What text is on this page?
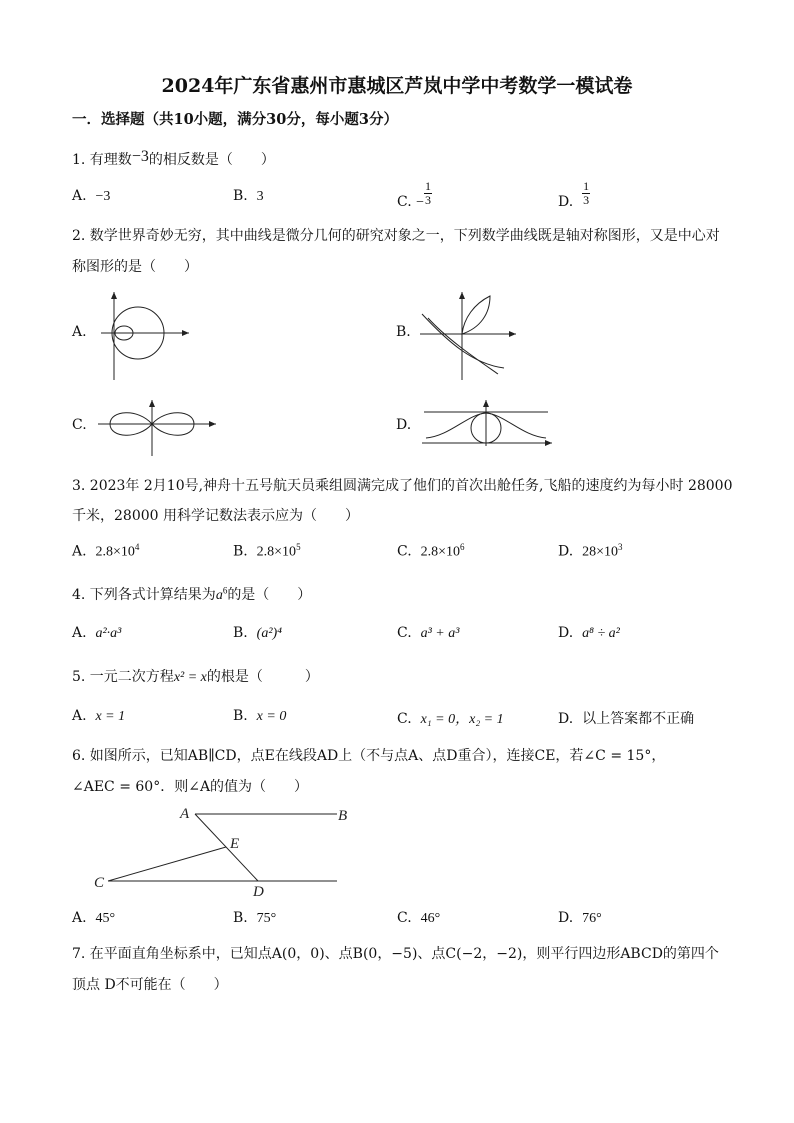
2024年广东省惠州市惠城区芦岚中学中考数学一模试卷
一．选择题（共10小题，满分30分，每小题3分）
1. 有理数−3的相反数是（　　）
A. −3	B. 3	C. − $\frac{1}{3}$	D. $\frac{1}{3}$
2. 数学世界奇妙无穷，其中曲线是微分几何的研究对象之一，下列数学曲线既是轴对称图形，又是中心对
称图形的是（　　）
A.	B.
C.	D.
3. 2023年 2月10号,神舟十五号航天员乘组圆满完成了他们的首次出舱任务,飞船的速度约为每小时 28000
千米，28000 用科学记数法表示应为（　　）
A. $2.8\times 10^4$	B. $2.8\times 10^5$	C. $2.8\times 10^6$	D. $28\times 10^3$
4. 下列各式计算结果为$a^6$的是（　　）
A. a²·a³	B. (a²)⁴	C. a³ + a³	D. a⁸ ÷ a²
5. 一元二次方程x² = x的根是（　　　）
A. x = 1	B. x = 0	C. x₁ = 0，x₂ = 1	D. 以上答案都不正确
6. 如图所示，已知AB∥CD，点E在线段AD上（不与点A、点D重合），连接CE，若∠C = 15°，
∠AEC = 60°．则∠A的值为（　　）
A	B
C
D
E
A. 45°	B. 75°	C. 46°	D. 76°
7. 在平面直角坐标系中，已知点A(0，0)、点B(0，−5)、点C(−2，−2)，则平行四边形ABCD的第四个
顶点 D不可能在（　　）
